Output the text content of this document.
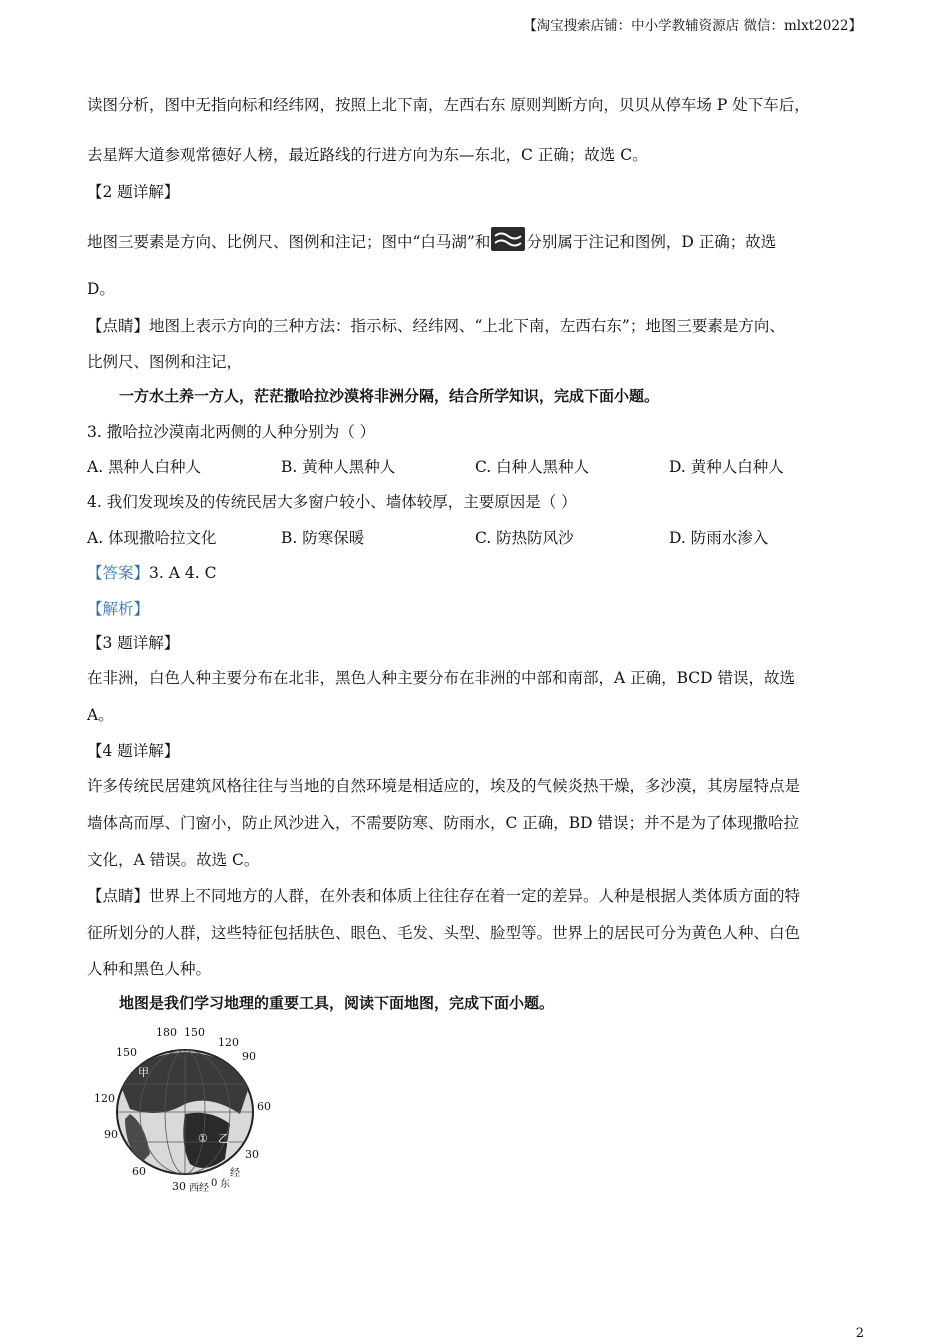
【淘宝搜索店铺：中小学教辅资源店 微信：mlxt2022】
读图分析，图中无指向标和经纬网，按照上北下南，左西右东 原则判断方向，贝贝从停车场 P 处下车后，
去星辉大道参观常德好人榜，最近路线的行进方向为东—东北，C 正确；故选 C。
【2 题详解】
地图三要素是方向、比例尺、图例和注记；图中“白马湖”和 分别属于注记和图例，D 正确；故选
D。
【点睛】地图上表示方向的三种方法：指示标、经纬网、“上北下南，左西右东”；地图三要素是方向、
比例尺、图例和注记，
一方水土养一方人，茫茫撒哈拉沙漠将非洲分隔，结合所学知识，完成下面小题。
3. 撒哈拉沙漠南北两侧的人种分别为（ ）
A. 黑种人白种人	B. 黄种人黑种人	C. 白种人黑种人	D. 黄种人白种人
4. 我们发现埃及的传统民居大多窗户较小、墙体较厚，主要原因是（ ）
A. 体现撒哈拉文化	B. 防寒保暖	C. 防热防风沙	D. 防雨水渗入
【答案】3. A 4. C
【解析】
【3 题详解】
在非洲，白色人种主要分布在北非，黑色人种主要分布在非洲的中部和南部，A 正确，BCD 错误，故选
A。
【4 题详解】
许多传统民居建筑风格往往与当地的自然环境是相适应的，埃及的气候炎热干燥，多沙漠，其房屋特点是
墙体高而厚、门窗小，防止风沙进入，不需要防寒、防雨水，C 正确，BD 错误；并不是为了体现撒哈拉
文化，A 错误。故选 C。
【点睛】世界上不同地方的人群，在外表和体质上往往存在着一定的差异。人种是根据人类体质方面的特
征所划分的人群，这些特征包括肤色、眼色、毛发、头型、脸型等。世界上的居民可分为黄色人种、白色
人种和黑色人种。
地图是我们学习地理的重要工具，阅读下面地图，完成下面小题。
180 150
150
120
90
120
60
90
30
60
30 西经 0 东
经
甲
乙
①
2
